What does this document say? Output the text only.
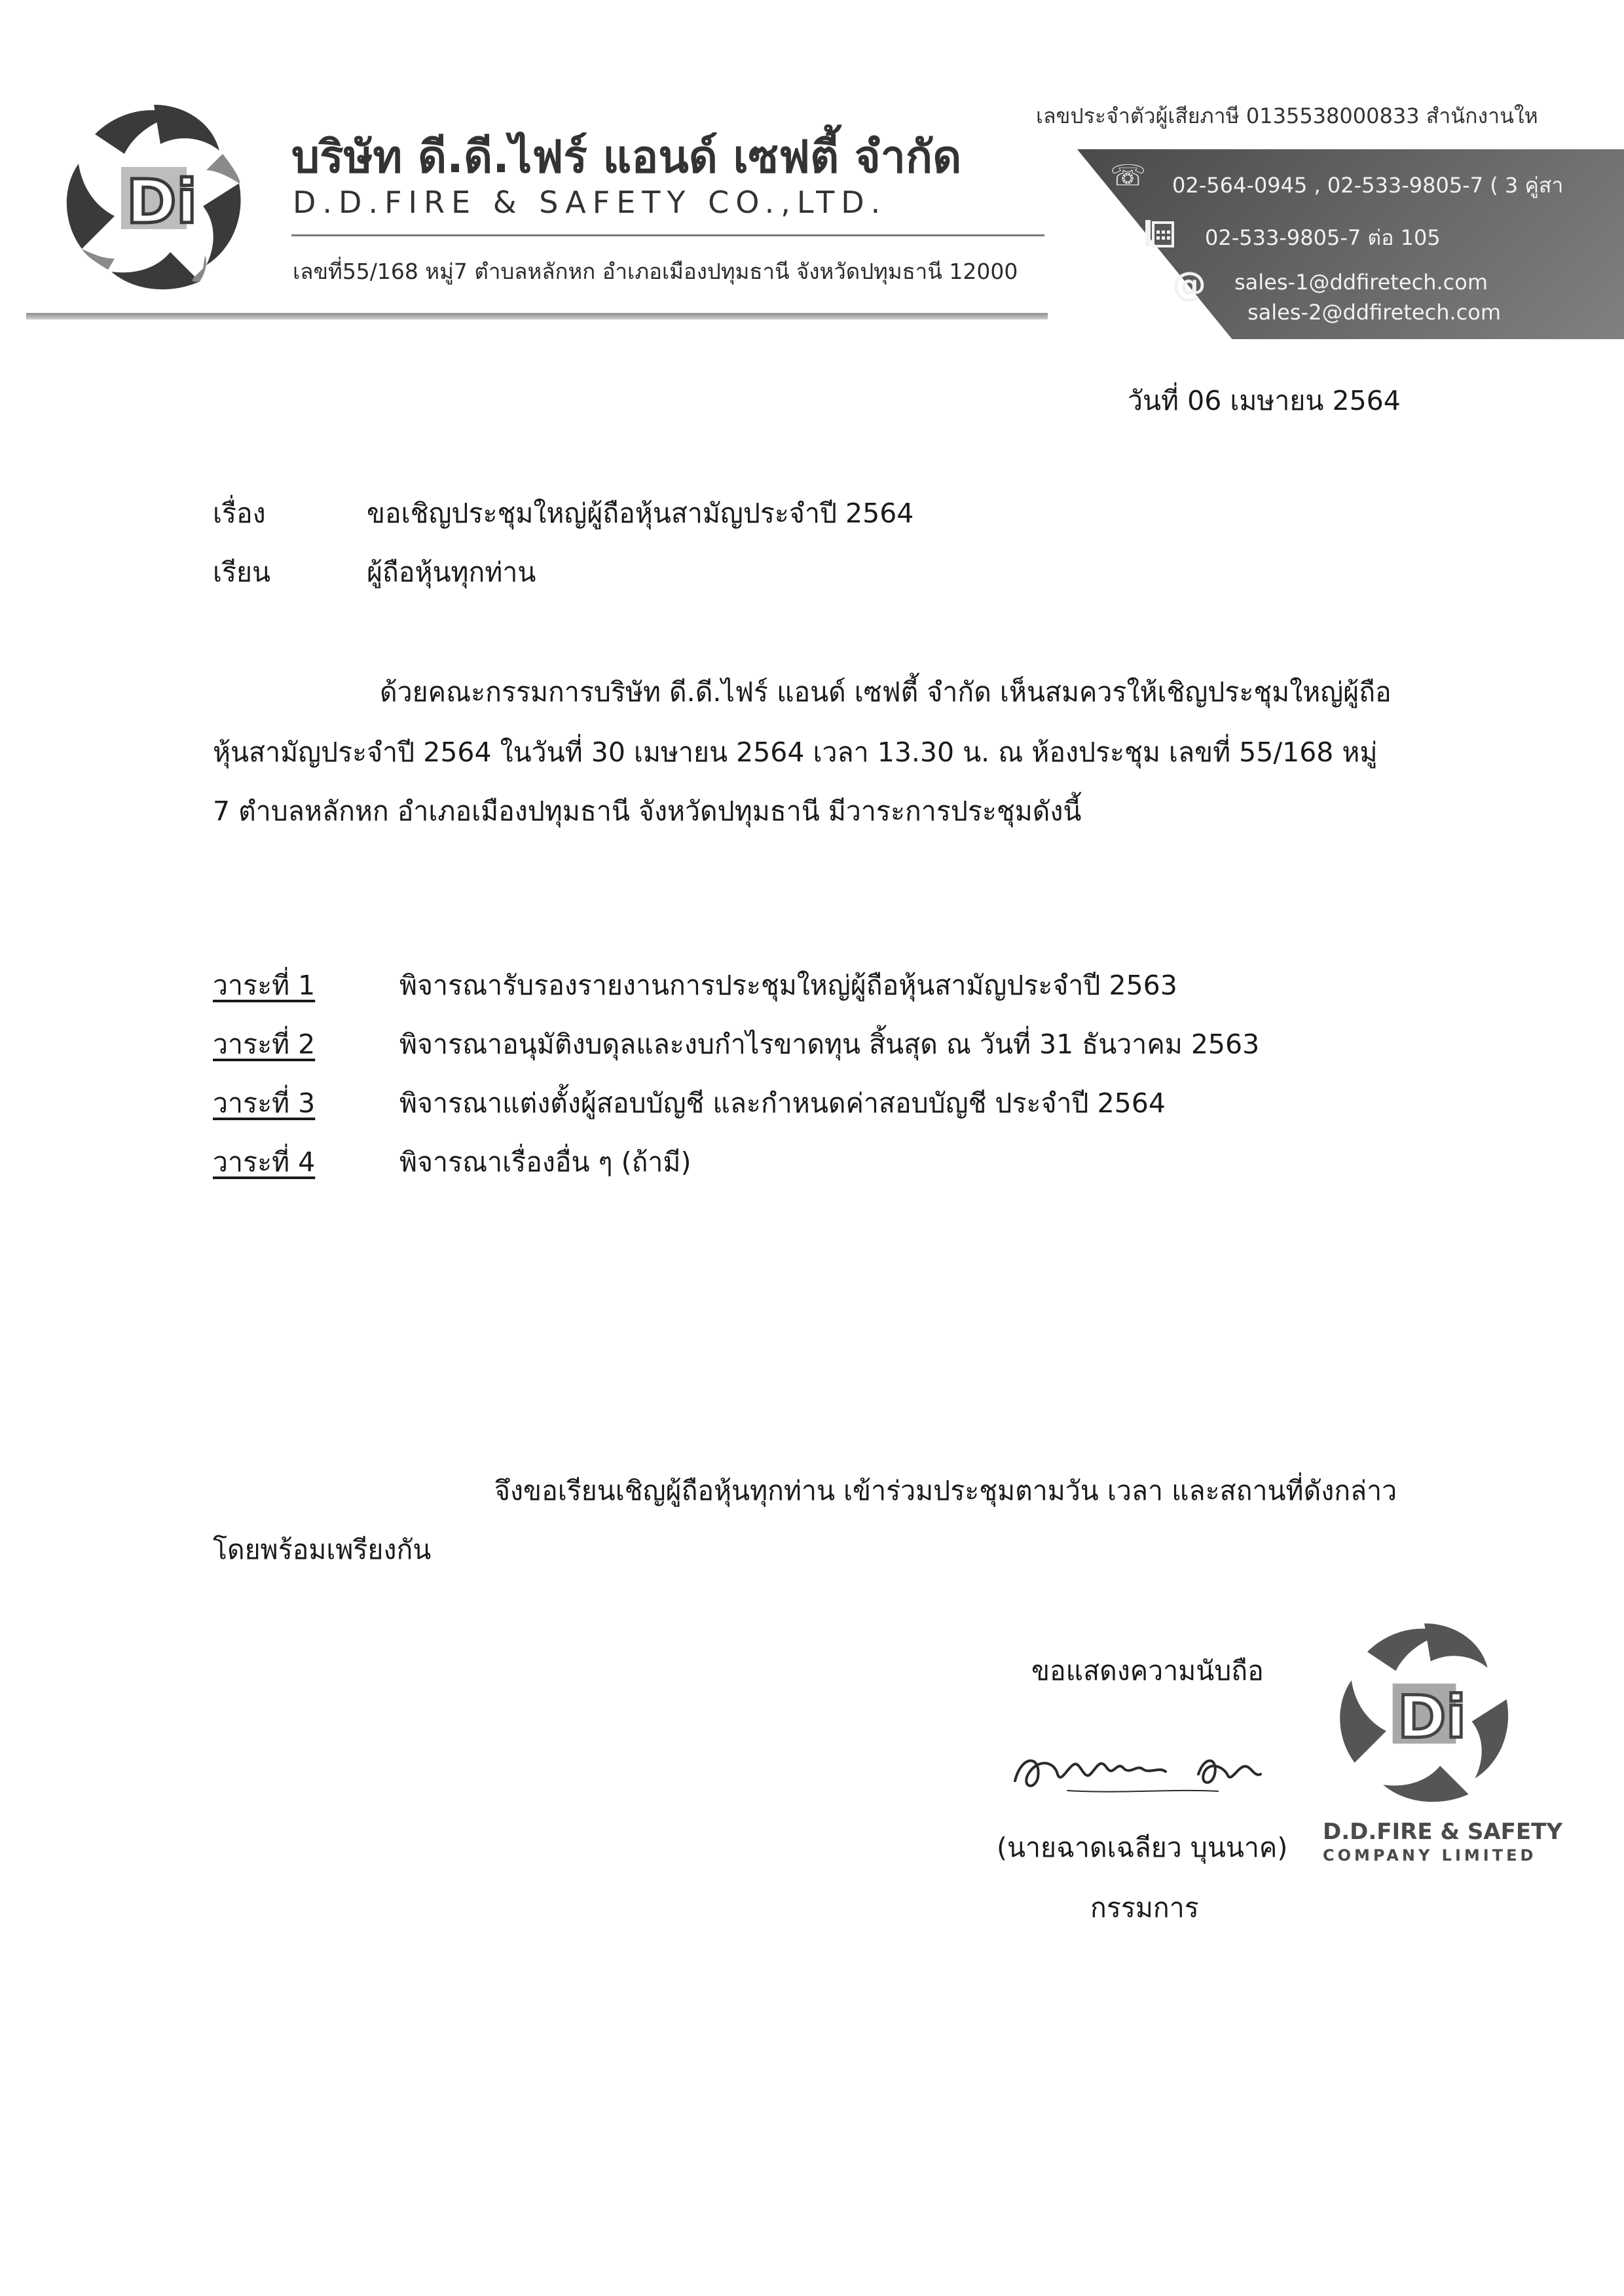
Di
บริษัท ดี.ดี.ไฟร์ แอนด์ เซฟตี้ จำกัด
D.D.FIRE & SAFETY CO.,LTD.
เลขที่55/168 หมู่7 ตำบลหลักหก อำเภอเมืองปทุมธานี จังหวัดปทุมธานี 12000
เลขประจำตัวผู้เสียภาษี 0135538000833 สำนักงานให
☏ 02-564-0945 , 02-533-9805-7 ( 3 คู่สา
02-533-9805-7 ต่อ 105
@ sales-1@ddfiretech.com
sales-2@ddfiretech.com
วันที่ 06 เมษายน 2564
เรื่อง	ขอเชิญประชุมใหญ่ผู้ถือหุ้นสามัญประจำปี 2564
เรียน	ผู้ถือหุ้นทุกท่าน
ด้วยคณะกรรมการบริษัท ดี.ดี.ไฟร์ แอนด์ เซฟตี้ จำกัด เห็นสมควรให้เชิญประชุมใหญ่ผู้ถือ
หุ้นสามัญประจำปี 2564 ในวันที่ 30 เมษายน 2564 เวลา 13.30 น. ณ ห้องประชุม เลขที่ 55/168 หมู่
7 ตำบลหลักหก อำเภอเมืองปทุมธานี จังหวัดปทุมธานี มีวาระการประชุมดังนี้
วาระที่ 1	พิจารณารับรองรายงานการประชุมใหญ่ผู้ถือหุ้นสามัญประจำปี 2563
วาระที่ 2	พิจารณาอนุมัติงบดุลและงบกำไรขาดทุน สิ้นสุด ณ วันที่ 31 ธันวาคม 2563
วาระที่ 3	พิจารณาแต่งตั้งผู้สอบบัญชี และกำหนดค่าสอบบัญชี ประจำปี 2564
วาระที่ 4	พิจารณาเรื่องอื่น ๆ (ถ้ามี)
จึงขอเรียนเชิญผู้ถือหุ้นทุกท่าน เข้าร่วมประชุมตามวัน เวลา และสถานที่ดังกล่าว
โดยพร้อมเพรียงกัน
ขอแสดงความนับถือ
(นายฉาดเฉลียว บุนนาค)
กรรมการ
Di
D.D.FIRE & SAFETY
COMPANY LIMITED
